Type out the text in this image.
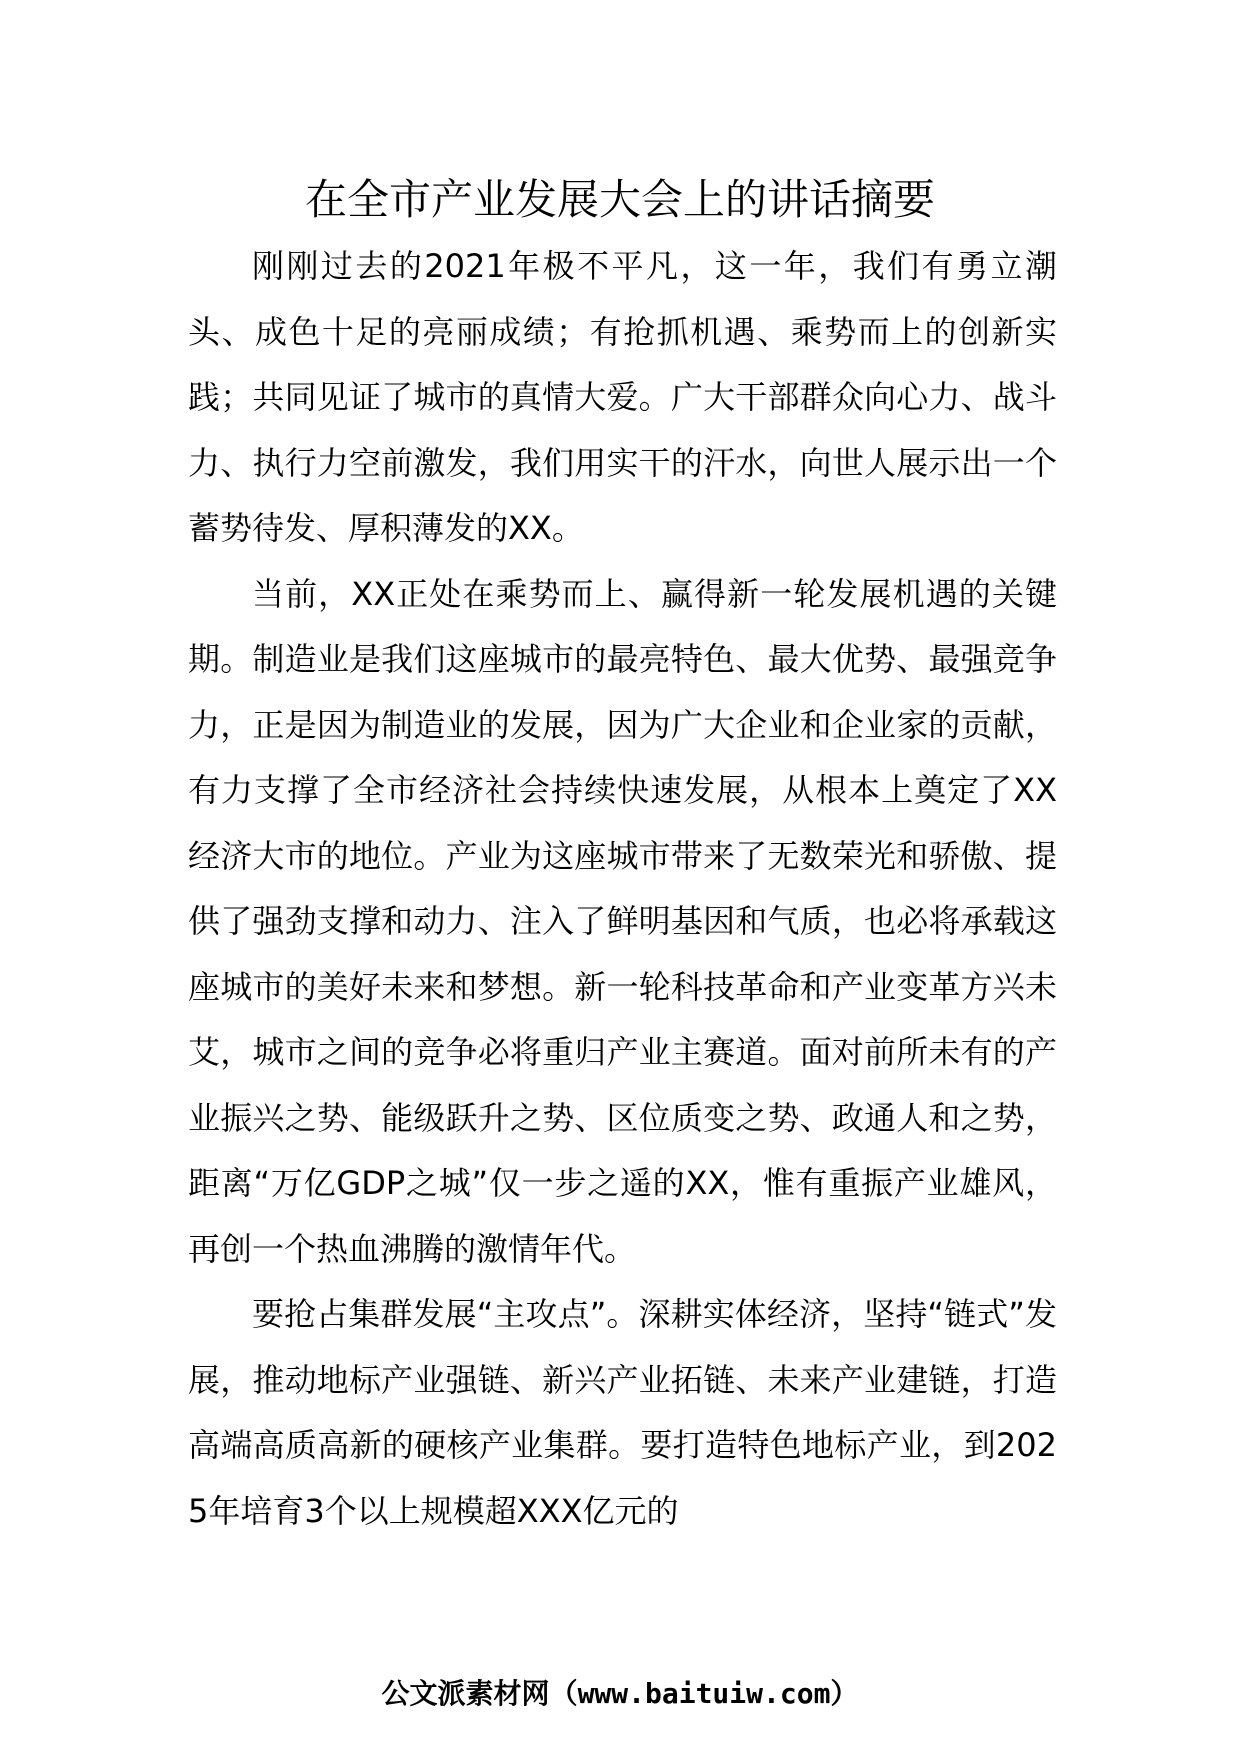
在全市产业发展大会上的讲话摘要

刚刚过去的2021年极不平凡，这一年，我们有勇立潮头、成色十足的亮丽成绩；有抢抓机遇、乘势而上的创新实践；共同见证了城市的真情大爱。广大干部群众向心力、战斗力、执行力空前激发，我们用实干的汗水，向世人展示出一个蓄势待发、厚积薄发的XX。

当前，XX正处在乘势而上、赢得新一轮发展机遇的关键期。制造业是我们这座城市的最亮特色、最大优势、最强竞争力，正是因为制造业的发展，因为广大企业和企业家的贡献，有力支撑了全市经济社会持续快速发展，从根本上奠定了XX经济大市的地位。产业为这座城市带来了无数荣光和骄傲、提供了强劲支撑和动力、注入了鲜明基因和气质，也必将承载这座城市的美好未来和梦想。新一轮科技革命和产业变革方兴未艾，城市之间的竞争必将重归产业主赛道。面对前所未有的产业振兴之势、能级跃升之势、区位质变之势、政通人和之势，距离“万亿GDP之城”仅一步之遥的XX，惟有重振产业雄风，再创一个热血沸腾的激情年代。

要抢占集群发展“主攻点”。深耕实体经济，坚持“链式”发展，推动地标产业强链、新兴产业拓链、未来产业建链，打造高端高质高新的硬核产业集群。要打造特色地标产业，到2025年培育3个以上规模超XXX亿元的

公文派素材网（www.baituiw.com）
